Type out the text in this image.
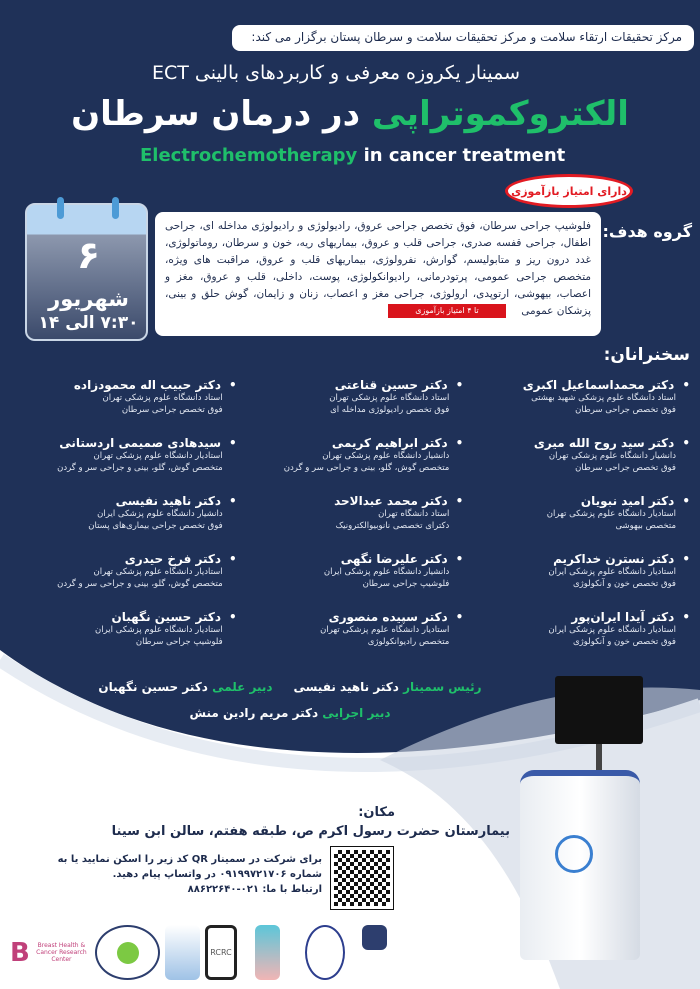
مرکز تحقیقات ارتقاء سلامت و مرکز تحقیقات سلامت و سرطان پستان برگزار می کند:
سمینار یکروزه معرفی و کاربردهای بالینی ECT
الکتروکموتراپی در درمان سرطان
Electrochemotherapy in cancer treatment
دارای امتیاز بازآموزی
۶
شهریور
۷:۳۰ الی ۱۴
گروه هدف:
فلوشیپ جراحی سرطان، فوق تخصص جراحی عروق، رادیولوژی و رادیولوژی مداخله ای، جراحی اطفال، جراحی قفسه صدری، جراحی قلب و عروق، بیماریهای ریه، خون و سرطان، روماتولوژی، غدد درون ریز و متابولیسم، گوارش، نفرولوژی، بیماریهای قلب و عروق، مراقبت های ویژه، متخصص جراحی عمومی، پرتودرمانی، رادیوانکولوژی، پوست، داخلی، قلب و عروق، مغز و اعصاب، بیهوشی، ارتوپدی، ارولوژی، جراحی مغز و اعصاب، زنان و زایمان، گوش حلق و بینی، پزشکان عمومی تا ۴ امتیاز بازآموزی
سخنرانان:
• دکتر محمداسماعیل اکبری
استاد دانشگاه علوم پزشکی شهید بهشتی
فوق تخصص جراحی سرطان
• دکتر حسین قناعتی
استاد دانشگاه علوم پزشکی تهران
فوق تخصص رادیولوژی مداخله ای
• دکتر حبیب اله محمودزاده
استاد دانشگاه علوم پزشکی تهران
فوق تخصص جراحی سرطان
• دکتر سید روح الله میری
دانشیار دانشگاه علوم پزشکی تهران
فوق تخصص جراحی سرطان
• دکتر ابراهیم کریمی
دانشیار دانشگاه علوم پزشکی تهران
متخصص گوش، گلو، بینی و جراحی سر و گردن
• سیدهادی صمیمی اردستانی
استادیار دانشگاه علوم پزشکی تهران
متخصص گوش، گلو، بینی و جراحی سر و گردن
• دکتر امید نبویان
استادیار دانشگاه علوم پزشکی تهران
متخصص بیهوشی
• دکتر محمد عبدالاحد
استاد دانشگاه تهران
دکترای تخصصی نانوبیوالکترونیک
• دکتر ناهید نفیسی
دانشیار دانشگاه علوم پزشکی ایران
فوق تخصص جراحی بیماری‌های پستان
• دکتر نسترن خداکریم
استادیار دانشگاه علوم پزشکی ایران
فوق تخصص خون و آنکولوژی
• دکتر علیرضا نگهی
دانشیار دانشگاه علوم پزشکی ایران
فلوشیپ جراحی سرطان
• دکتر فرخ حیدری
استادیار دانشگاه علوم پزشکی تهران
متخصص گوش، گلو، بینی و جراحی سر و گردن
• دکتر آیدا ایران‌پور
استادیار دانشگاه علوم پزشکی ایران
فوق تخصص خون و آنکولوژی
• دکتر سپیده منصوری
استادیار دانشگاه علوم پزشکی تهران
متخصص رادیوانکولوژی
• دکتر حسین نگهبان
استادیار دانشگاه علوم پزشکی ایران
فلوشیپ جراحی سرطان
رئیس سمینار دکتر ناهید نفیسی     دبیر علمی دکتر حسین نگهبان
دبیر اجرایی دکتر مریم رادین منش
مکان:
بیمارستان حضرت رسول اکرم ص، طبقه هفتم، سالن ابن سینا
برای شرکت در سمینار QR کد زیر را اسکن نمایید یا به
شماره ۰۹۱۹۹۷۲۱۷۰۶ در واتساپ پیام دهید.
ارتباط با ما: ۰۲۱-۸۸۶۲۲۶۴۰
B	Breast Health & Cancer Research Center
RCRC
